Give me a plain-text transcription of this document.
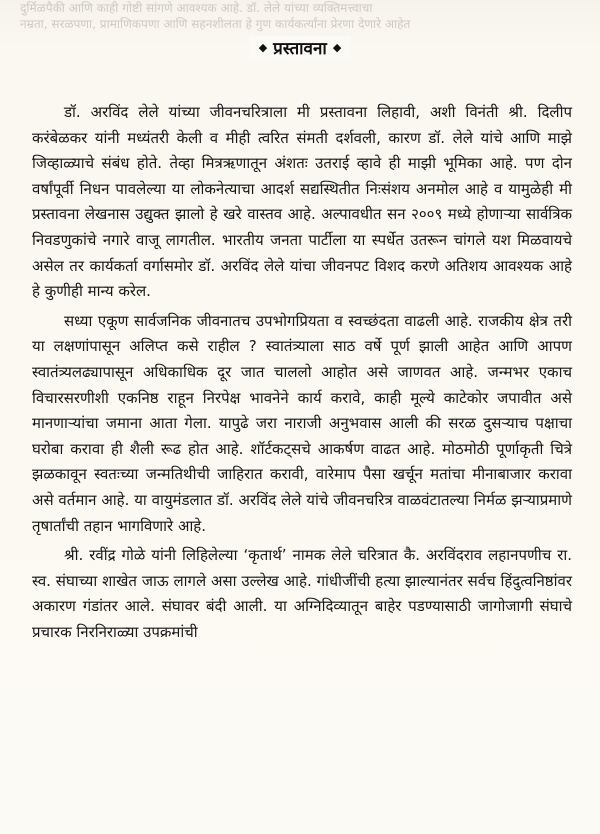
दुर्मिळपैकी आणि काही गोष्टी सांगणे आवश्यक आहे. डॉ. लेले यांच्या व्यक्तिमत्त्वाचा
नम्रता, सरळपणा, प्रामाणिकपणा आणि सहनशीलता हे गुण कार्यकर्त्यांना प्रेरणा देणारे आहेत
◆ प्रस्तावना ◆

डॉ. अरविंद लेले यांच्या जीवनचरित्राला मी प्रस्तावना लिहावी, अशी विनंती श्री. दिलीप करंबेळकर यांनी मध्यंतरी केली व मीही त्वरित संमती दर्शवली, कारण डॉ. लेले यांचे आणि माझे जिव्हाळ्याचे संबंध होते. तेव्हा मित्रऋणातून अंशतः उतराई व्हावे ही माझी भूमिका आहे. पण दोन वर्षांपूर्वी निधन पावलेल्या या लोकनेत्याचा आदर्श सद्यस्थितीत निःसंशय अनमोल आहे व यामुळेही मी प्रस्तावना लेखनास उद्युक्त झालो हे खरे वास्तव आहे. अल्पावधीत सन २००९ मध्ये होणाऱ्या सार्वत्रिक निवडणुकांचे नगारे वाजू लागतील. भारतीय जनता पार्टीला या स्पर्धेत उतरून चांगले यश मिळवायचे असेल तर कार्यकर्ता वर्गासमोर डॉ. अरविंद लेले यांचा जीवनपट विशद करणे अतिशय आवश्यक आहे हे कुणीही मान्य करेल.

सध्या एकूण सार्वजनिक जीवनातच उपभोगप्रियता व स्वच्छंदता वाढली आहे. राजकीय क्षेत्र तरी या लक्षणांपासून अलिप्त कसे राहील ? स्वातंत्र्याला साठ वर्षे पूर्ण झाली आहेत आणि आपण स्वातंत्र्यलढ्यापासून अधिकाधिक दूर जात चाललो आहोत असे जाणवत आहे. जन्मभर एकाच विचारसरणीशी एकनिष्ठ राहून निरपेक्ष भावनेने कार्य करावे, काही मूल्ये काटेकोर जपावीत असे मानणाऱ्यांचा जमाना आता गेला. यापुढे जरा नाराजी अनुभवास आली की सरळ दुसऱ्याच पक्षाचा घरोबा करावा ही शैली रूढ होत आहे. शॉर्टकट्सचे आकर्षण वाढत आहे. मोठमोठी पूर्णाकृती चित्रे झळकावून स्वतःच्या जन्मतिथीची जाहिरात करावी, वारेमाप पैसा खर्चून मतांचा मीनाबाजार करावा असे वर्तमान आहे. या वायुमंडलात डॉ. अरविंद लेले यांचे जीवनचरित्र वाळवंटातल्या निर्मळ झऱ्याप्रमाणे तृषार्तांची तहान भागविणारे आहे.

श्री. रवींद्र गोळे यांनी लिहिलेल्या ‘कृतार्थ’ नामक लेले चरित्रात कै. अरविंदराव लहानपणीच रा. स्व. संघाच्या शाखेत जाऊ लागले असा उल्लेख आहे. गांधीजींची हत्या झाल्यानंतर सर्वच हिंदुत्वनिष्ठांवर अकारण गंडांतर आले. संघावर बंदी आली. या अग्निदिव्यातून बाहेर पडण्यासाठी जागोजागी संघाचे प्रचारक निरनिराळ्या उपक्रमांची
